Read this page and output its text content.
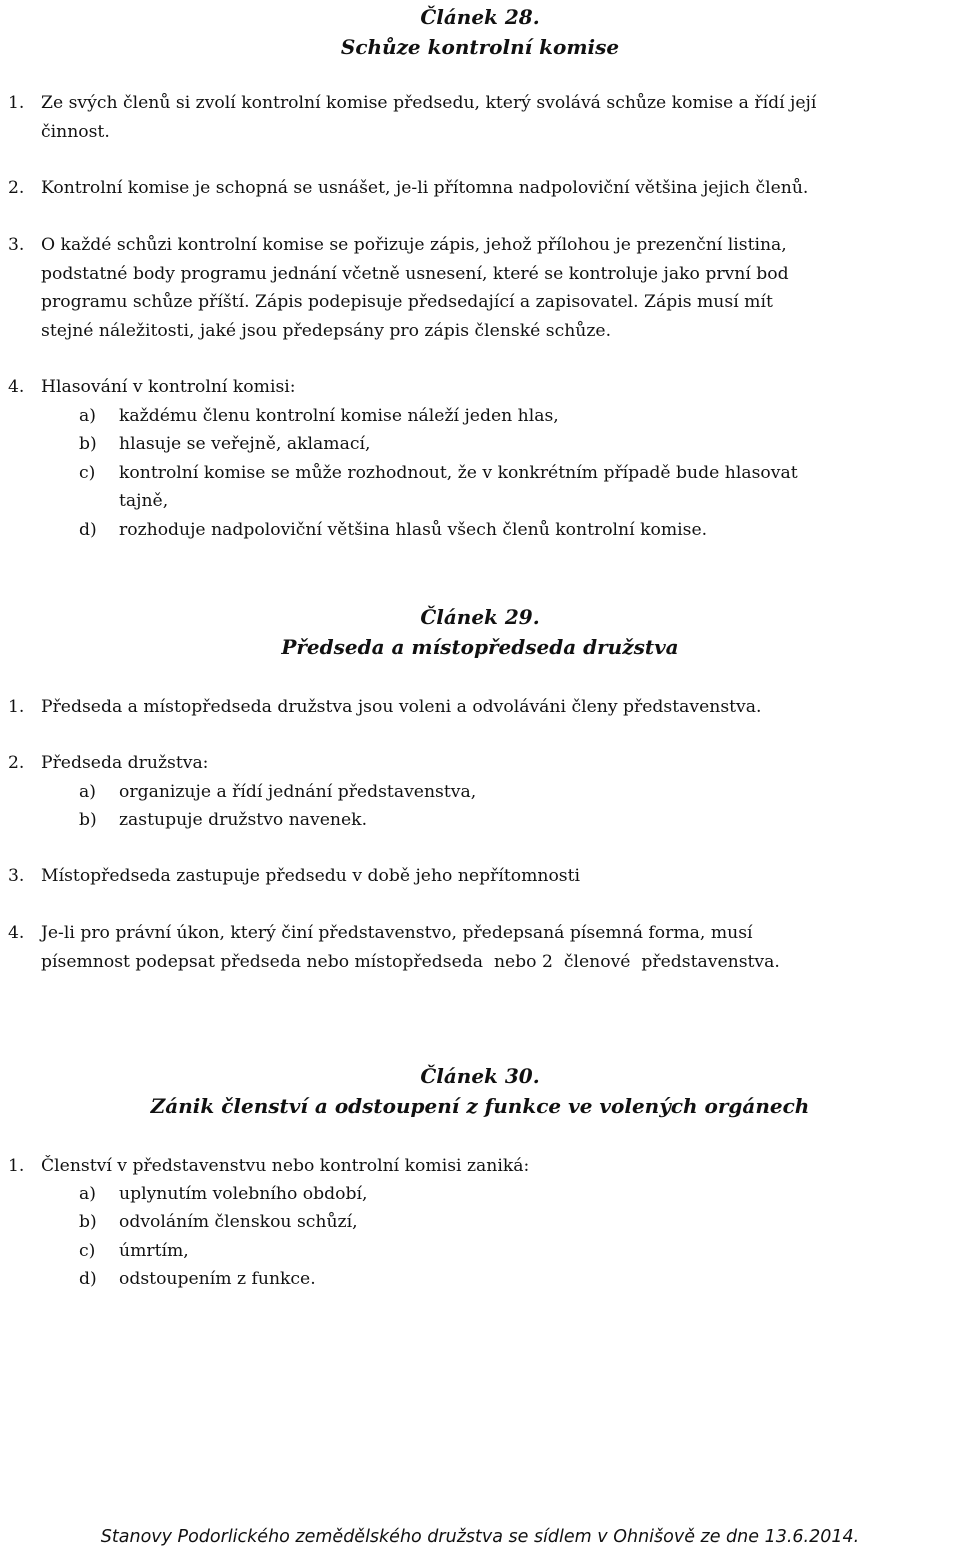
Článek 28.
Schůze kontrolní komise
1. Ze svých členů si zvolí kontrolní komise předsedu, který svolává schůze komise a řídí její
činnost.
2. Kontrolní komise je schopná se usnášet, je-li přítomna nadpoloviční většina jejich členů.
3. O každé schůzi kontrolní komise se pořizuje zápis, jehož přílohou je prezenční listina,
podstatné body programu jednání včetně usnesení, které se kontroluje jako první bod
programu schůze příští. Zápis podepisuje předsedající a zapisovatel. Zápis musí mít
stejné náležitosti, jaké jsou předepsány pro zápis členské schůze.
4. Hlasování v kontrolní komisi:
a) každému členu kontrolní komise náleží jeden hlas,
b) hlasuje se veřejně, aklamací,
c) kontrolní komise se může rozhodnout, že v konkrétním případě bude hlasovat
tajně,
d) rozhoduje nadpoloviční většina hlasů všech členů kontrolní komise.
Článek 29.
Předseda a místopředseda družstva
1. Předseda a místopředseda družstva jsou voleni a odvoláváni členy představenstva.
2. Předseda družstva:
a) organizuje a řídí jednání představenstva,
b) zastupuje družstvo navenek.
3. Místopředseda zastupuje předsedu v době jeho nepřítomnosti
4. Je-li pro právní úkon, který činí představenstvo, předepsaná písemná forma, musí
písemnost podepsat předseda nebo místopředseda  nebo 2  členové  představenstva.
Článek 30.
Zánik členství a odstoupení z funkce ve volených orgánech
1. Členství v představenstvu nebo kontrolní komisi zaniká:
a) uplynutím volebního období,
b) odvoláním členskou schůzí,
c) úmrtím,
d) odstoupením z funkce.
Stanovy Podorlického zemědělského družstva se sídlem v Ohnišově ze dne 13.6.2014.
